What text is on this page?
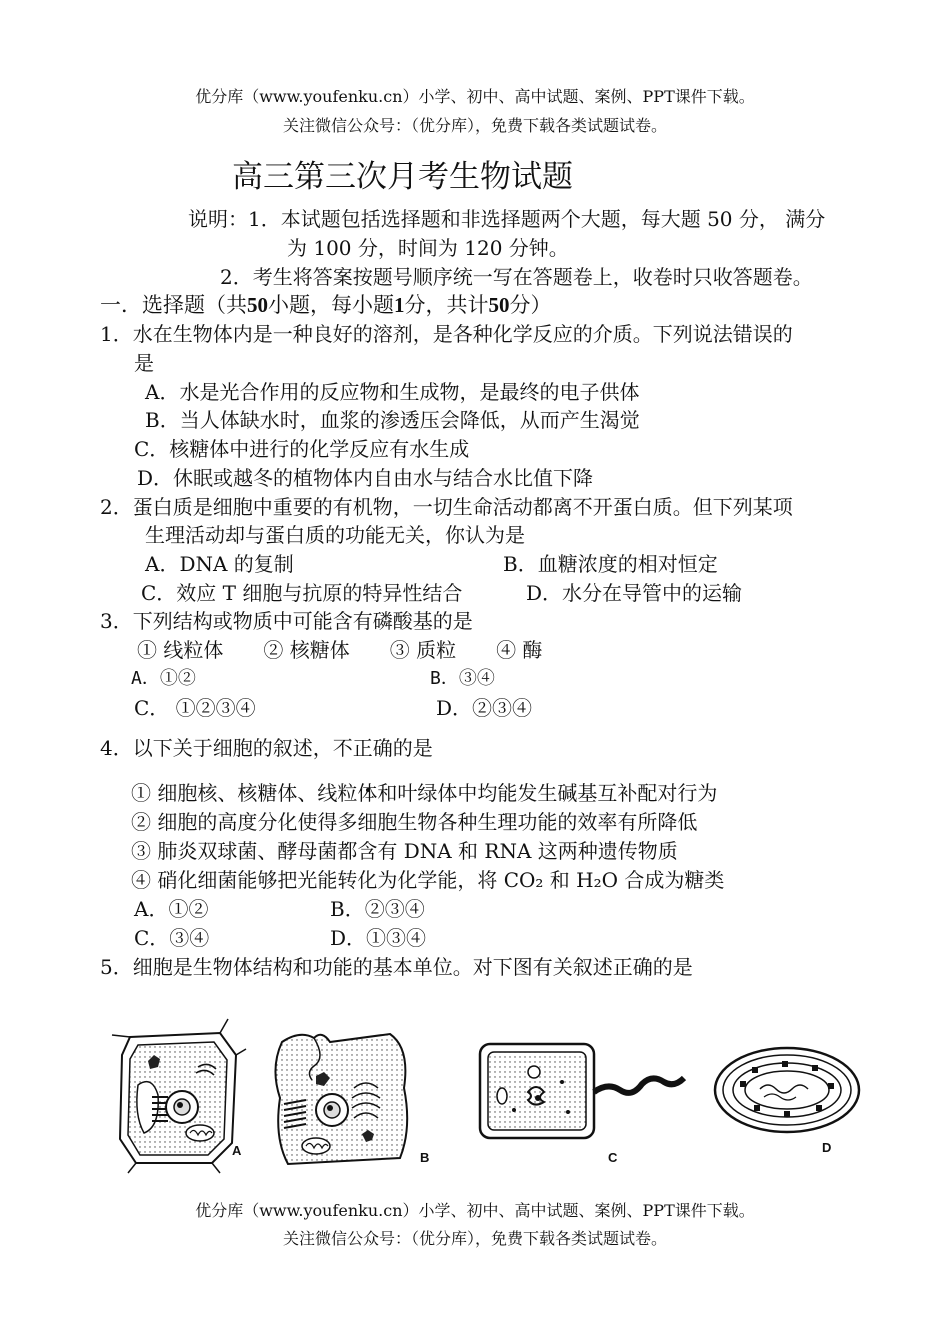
优分库（www.youfenku.cn）小学、初中、高中试题、案例、PPT课件下载。
关注微信公众号：（优分库），免费下载各类试题试卷。
高三第三次月考生物试题
说明：1．本试题包括选择题和非选择题两个大题，每大题 50 分， 满分
为 100 分，时间为 120 分钟。
2．考生将答案按题号顺序统一写在答题卷上，收卷时只收答题卷。
一．选择题（共50小题，每小题1分，共计50分）
1．水在生物体内是一种良好的溶剂，是各种化学反应的介质。下列说法错误的
是
A．水是光合作用的反应物和生成物，是最终的电子供体
B．当人体缺水时，血浆的渗透压会降低，从而产生渴觉
C．核糖体中进行的化学反应有水生成
D．休眠或越冬的植物体内自由水与结合水比值下降
2．蛋白质是细胞中重要的有机物，一切生命活动都离不开蛋白质。但下列某项
生理活动却与蛋白质的功能无关，你认为是
A．DNA 的复制	B．血糖浓度的相对恒定
C．效应 T 细胞与抗原的特异性结合	D．水分在导管中的运输
3．下列结构或物质中可能含有磷酸基的是
① 线粒体　　② 核糖体　　③ 质粒　　④ 酶
A．①②	B．③④
C． ①②③④	D．②③④
4．以下关于细胞的叙述，不正确的是
① 细胞核、核糖体、线粒体和叶绿体中均能发生碱基互补配对行为
② 细胞的高度分化使得多细胞生物各种生理功能的效率有所降低
③ 肺炎双球菌、酵母菌都含有 DNA 和 RNA 这两种遗传物质
④ 硝化细菌能够把光能转化为化学能，将 CO₂ 和 H₂O 合成为糖类
A．①②	B．②③④
C．③④	D．①③④
5．细胞是生物体结构和功能的基本单位。对下图有关叙述正确的是
A	B	C
D
优分库（www.youfenku.cn）小学、初中、高中试题、案例、PPT课件下载。
关注微信公众号：（优分库），免费下载各类试题试卷。
